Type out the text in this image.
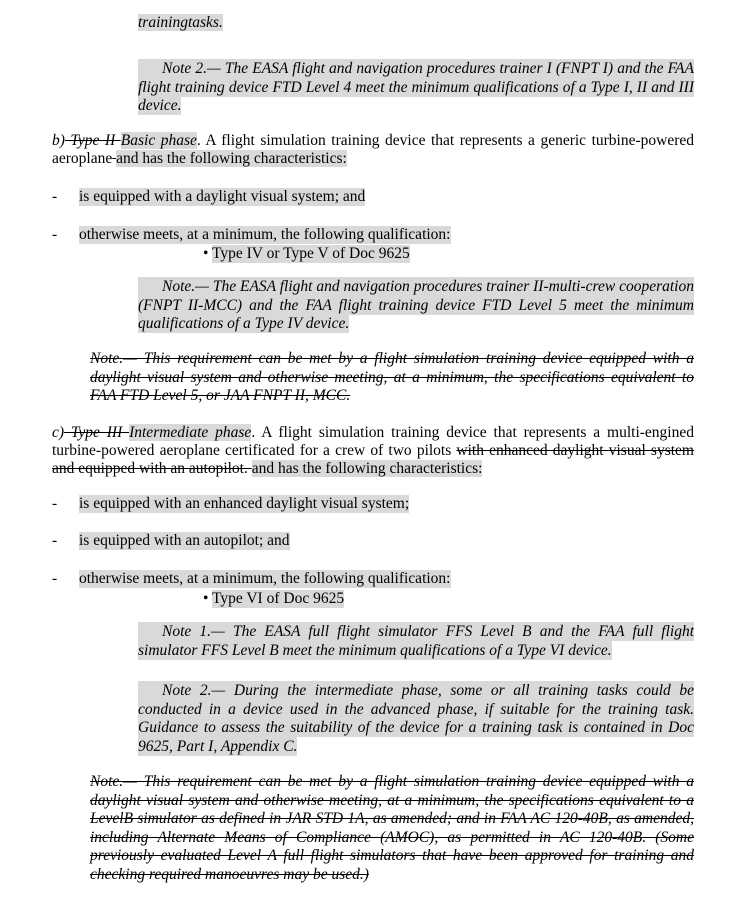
trainingtasks.
Note 2.— The EASA flight and navigation procedures trainer I (FNPT I) and the FAA flight training device FTD Level 4 meet the minimum qualifications of a Type I, II and III device.
b) Type II Basic phase. A flight simulation training device that represents a generic turbine-powered aeroplane and has the following characteristics:
- is equipped with a daylight visual system; and
- otherwise meets, at a minimum, the following qualification:
• Type IV or Type V of Doc 9625
Note.— The EASA flight and navigation procedures trainer II-multi-crew cooperation (FNPT II-MCC) and the FAA flight training device FTD Level 5 meet the minimum qualifications of a Type IV device.
Note.— This requirement can be met by a flight simulation training device equipped with a daylight visual system and otherwise meeting, at a minimum, the specifications equivalent to FAA FTD Level 5, or JAA FNPT II, MCC.
c) Type III Intermediate phase. A flight simulation training device that represents a multi-engined turbine-powered aeroplane certificated for a crew of two pilots with enhanced daylight visual system and equipped with an autopilot. and has the following characteristics:
- is equipped with an enhanced daylight visual system;
- is equipped with an autopilot; and
- otherwise meets, at a minimum, the following qualification:
• Type VI of Doc 9625
Note 1.— The EASA full flight simulator FFS Level B and the FAA full flight simulator FFS Level B meet the minimum qualifications of a Type VI device.
Note 2.— During the intermediate phase, some or all training tasks could be conducted in a device used in the advanced phase, if suitable for the training task. Guidance to assess the suitability of the device for a training task is contained in Doc 9625, Part I, Appendix C.
Note.— This requirement can be met by a flight simulation training device equipped with a daylight visual system and otherwise meeting, at a minimum, the specifications equivalent to a LevelB simulator as defined in JAR STD 1A, as amended; and in FAA AC 120-40B, as amended, including Alternate Means of Compliance (AMOC), as permitted in AC 120-40B. (Some previously evaluated Level A full flight simulators that have been approved for training and checking required manoeuvres may be used.)
